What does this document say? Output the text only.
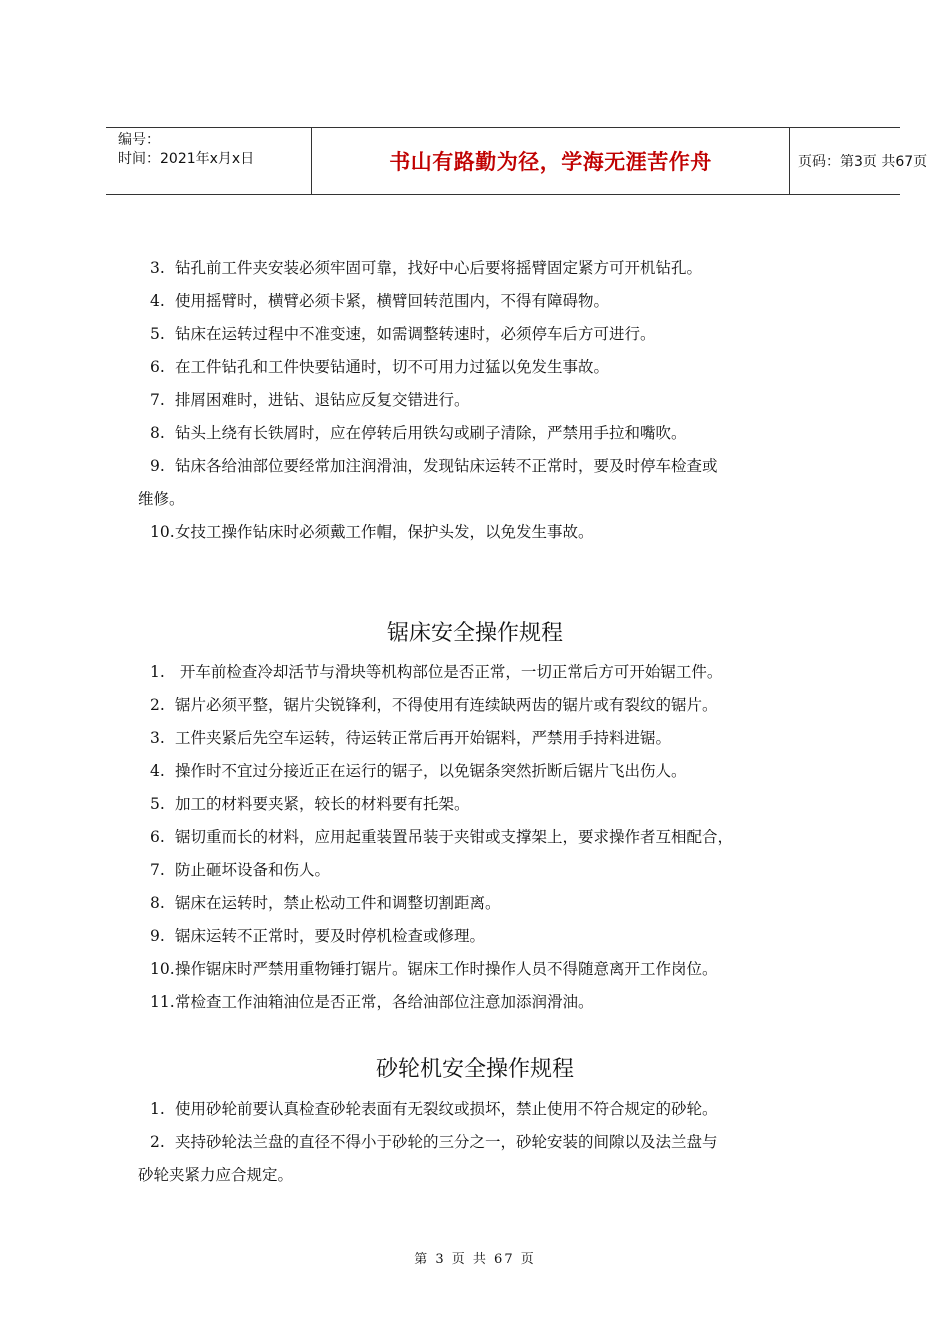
编号：
时间：2021年x月x日	书山有路勤为径，学海无涯苦作舟	页码：第3页 共67页

3. 钻孔前工件夹安装必须牢固可靠，找好中心后要将摇臂固定紧方可开机钻孔。

4. 使用摇臂时，横臂必须卡紧，横臂回转范围内，不得有障碍物。

5. 钻床在运转过程中不准变速，如需调整转速时，必须停车后方可进行。

6. 在工件钻孔和工件快要钻通时，切不可用力过猛以免发生事故。

7. 排屑困难时，进钻、退钻应反复交错进行。

8. 钻头上绕有长铁屑时，应在停转后用铁勾或刷子清除，严禁用手拉和嘴吹。

9. 钻床各给油部位要经常加注润滑油，发现钻床运转不正常时，要及时停车检查或

维修。

10.女技工操作钻床时必须戴工作帽，保护头发，以免发生事故。

锯床安全操作规程

1. 开车前检查冷却活节与滑块等机构部位是否正常，一切正常后方可开始锯工件。

2. 锯片必须平整，锯片尖锐锋利，不得使用有连续缺两齿的锯片或有裂纹的锯片。

3. 工件夹紧后先空车运转，待运转正常后再开始锯料，严禁用手持料进锯。

4. 操作时不宜过分接近正在运行的锯子，以免锯条突然折断后锯片飞出伤人。

5. 加工的材料要夹紧，较长的材料要有托架。

6. 锯切重而长的材料，应用起重装置吊装于夹钳或支撑架上，要求操作者互相配合，

7. 防止砸坏设备和伤人。

8. 锯床在运转时，禁止松动工件和调整切割距离。

9. 锯床运转不正常时，要及时停机检查或修理。

10.操作锯床时严禁用重物锤打锯片。锯床工作时操作人员不得随意离开工作岗位。

11.常检查工作油箱油位是否正常，各给油部位注意加添润滑油。

砂轮机安全操作规程

1. 使用砂轮前要认真检查砂轮表面有无裂纹或损坏，禁止使用不符合规定的砂轮。

2. 夹持砂轮法兰盘的直径不得小于砂轮的三分之一，砂轮安装的间隙以及法兰盘与

砂轮夹紧力应合规定。

第 3 页 共 67 页
